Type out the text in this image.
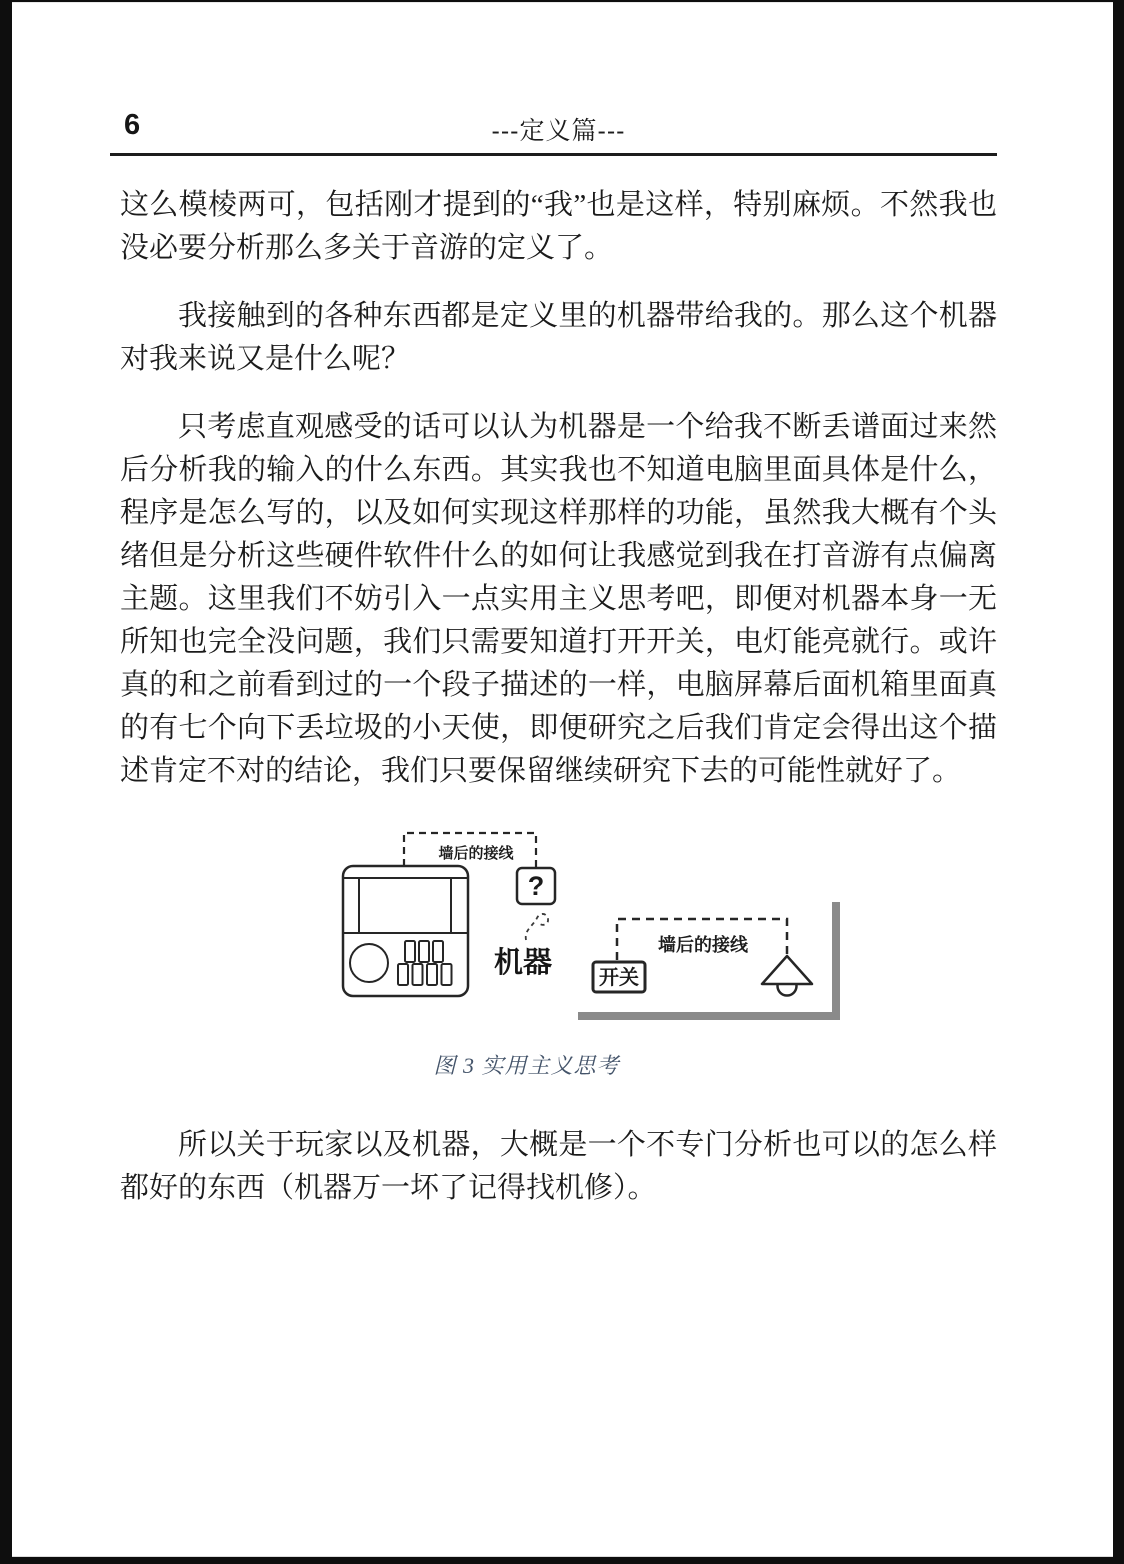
6	---定义篇---

这么模棱两可，包括刚才提到的“我”也是这样，特别麻烦。不然我也没必要分析那么多关于音游的定义了。

我接触到的各种东西都是定义里的机器带给我的。那么这个机器对我来说又是什么呢？

只考虑直观感受的话可以认为机器是一个给我不断丢谱面过来然后分析我的输入的什么东西。其实我也不知道电脑里面具体是什么，程序是怎么写的，以及如何实现这样那样的功能，虽然我大概有个头绪但是分析这些硬件软件什么的如何让我感觉到我在打音游有点偏离主题。这里我们不妨引入一点实用主义思考吧，即便对机器本身一无所知也完全没问题，我们只需要知道打开开关，电灯能亮就行。或许真的和之前看到过的一个段子描述的一样，电脑屏幕后面机箱里面真的有七个向下丢垃圾的小天使，即便研究之后我们肯定会得出这个描述肯定不对的结论，我们只要保留继续研究下去的可能性就好了。

墙后的接线
?
机器
墙后的接线
开关
图 3 实用主义思考

所以关于玩家以及机器，大概是一个不专门分析也可以的怎么样都好的东西（机器万一坏了记得找机修）。
